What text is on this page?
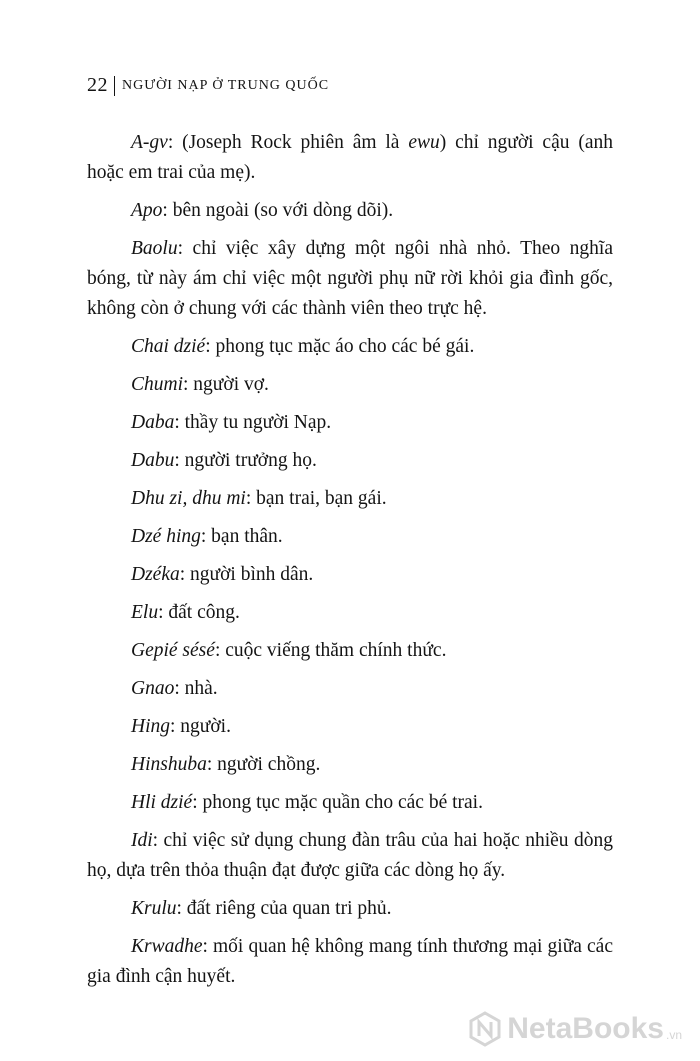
22 NGƯỜI NẠP Ở TRUNG QUỐC

A-gv: (Joseph Rock phiên âm là ewu) chỉ người cậu (anh hoặc em trai của mẹ).

Apo: bên ngoài (so với dòng dõi).

Baolu: chỉ việc xây dựng một ngôi nhà nhỏ. Theo nghĩa bóng, từ này ám chỉ việc một người phụ nữ rời khỏi gia đình gốc, không còn ở chung với các thành viên theo trực hệ.

Chai dzié: phong tục mặc áo cho các bé gái.

Chumi: người vợ.

Daba: thầy tu người Nạp.

Dabu: người trưởng họ.

Dhu zi, dhu mi: bạn trai, bạn gái.

Dzé hing: bạn thân.

Dzéka: người bình dân.

Elu: đất công.

Gepié sésé: cuộc viếng thăm chính thức.

Gnao: nhà.

Hing: người.

Hinshuba: người chồng.

Hli dzié: phong tục mặc quần cho các bé trai.

Idi: chỉ việc sử dụng chung đàn trâu của hai hoặc nhiều dòng họ, dựa trên thỏa thuận đạt được giữa các dòng họ ấy.

Krulu: đất riêng của quan tri phủ.

Krwadhe: mối quan hệ không mang tính thương mại giữa các gia đình cận huyết.

NetaBooks .vn
